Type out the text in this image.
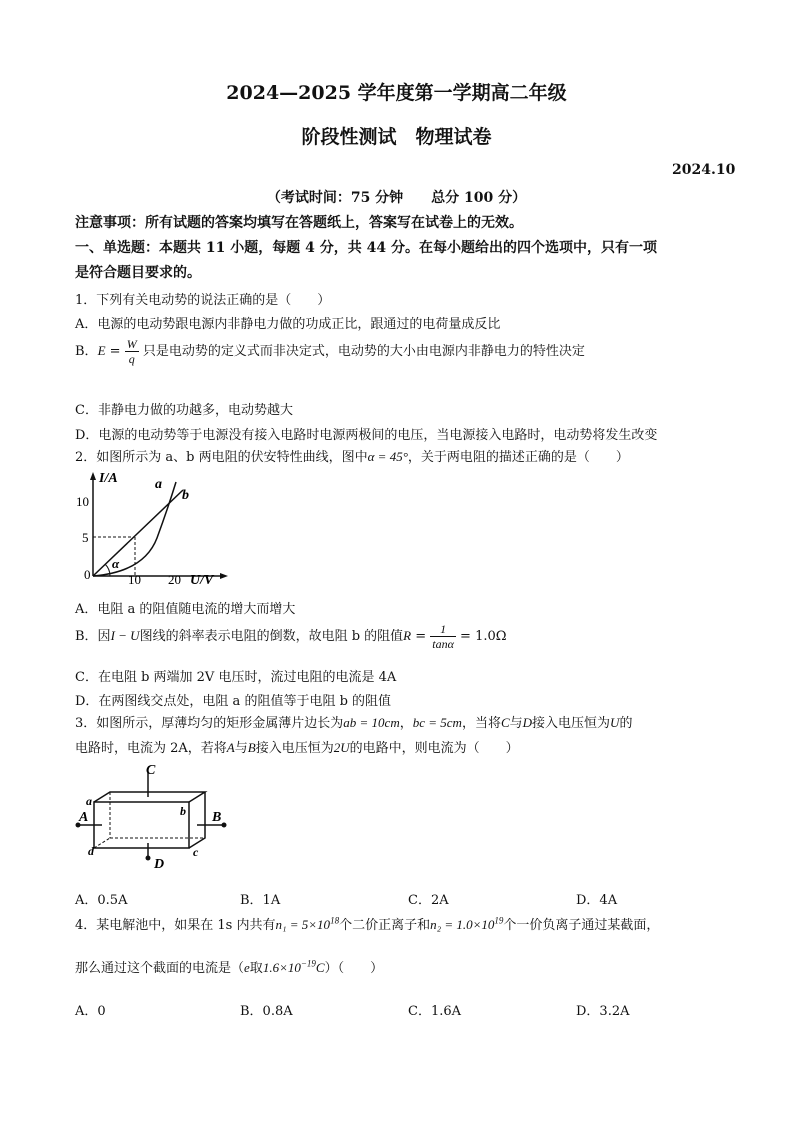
2024—2025 学年度第一学期高二年级
阶段性测试　物理试卷
2024.10
（考试时间：75 分钟　　总分 100 分）
注意事项：所有试题的答案均填写在答题纸上，答案写在试卷上的无效。
一、单选题：本题共 11 小题，每题 4 分，共 44 分。在每小题给出的四个选项中，只有一项
是符合题目要求的。
1．下列有关电动势的说法正确的是（　　）
A．电源的电动势跟电源内非静电力做的功成正比，跟通过的电荷量成反比
B．$E = \frac{W}{q}$ 只是电动势的定义式而非决定式，电动势的大小由电源内非静电力的特性决定
C．非静电力做的功越多，电动势越大
D．电源的电动势等于电源没有接入电路时电源两极间的电压，当电源接入电路时，电动势将发生改变
2．如图所示为 a、b 两电阻的伏安特性曲线，图中α = 45°，关于两电阻的描述正确的是（　　）
I/A
10
5
0	10 20 U/V
a
b
α
A．电阻 a 的阻值随电流的增大而增大
B．因I − U图线的斜率表示电阻的倒数，故电阻 b 的阻值$R = \frac{1}{\tan\alpha} = 1.0\Omega$
C．在电阻 b 两端加 2V 电压时，流过电阻的电流是 4A
D．在两图线交点处，电阻 a 的阻值等于电阻 b 的阻值
3．如图所示，厚薄均匀的矩形金属薄片边长为ab = 10cm，bc = 5cm，当将C与D接入电压恒为U的
电路时，电流为 2A，若将A与B接入电压恒为2U的电路中，则电流为（　　）
C
a
A	b B
d
D
c
A．0.5A	B．1A	C．2A	D．4A
4．某电解池中，如果在 1s 内共有$n_1 = 5\times 10^{18}$个二价正离子和$n_2 = 1.0\times 10^{19}$个一价负离子通过某截面，
那么通过这个截面的电流是（e取$1.6\times 10^{-19}C$）（　　）
A．0	B．0.8A	C．1.6A	D．3.2A
